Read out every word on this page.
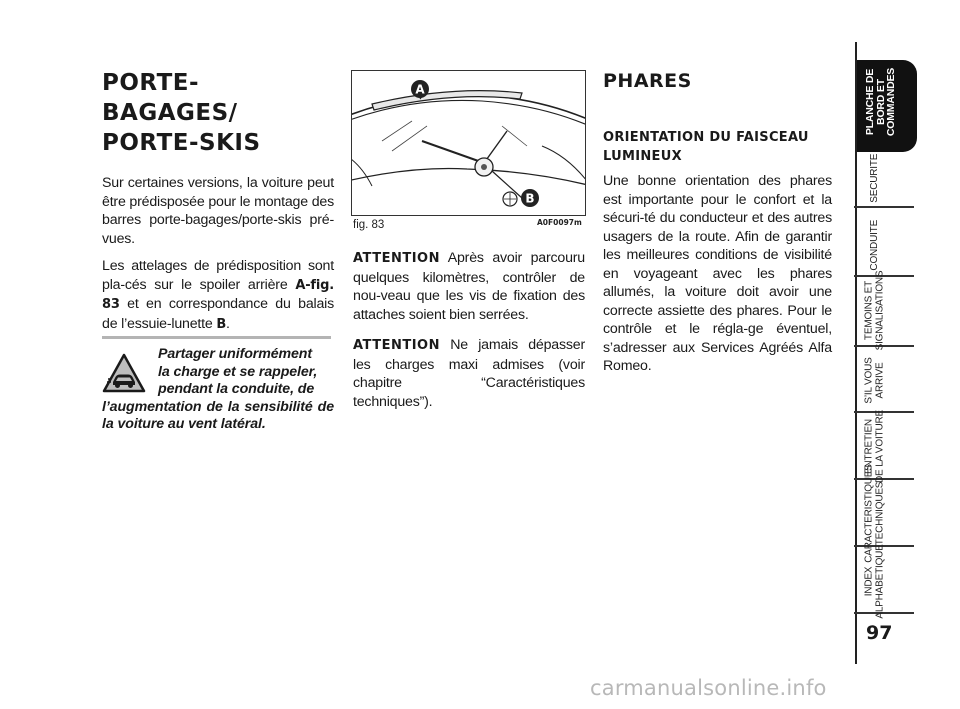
PORTE-BAGAGES/
PORTE-SKIS

Sur certaines versions, la voiture peut être prédisposée pour le montage des barres porte-bagages/porte-skis pré-vues.

Les attelages de prédisposition sont pla-cés sur le spoiler arrière A-fig. 83 et en correspondance du balais de l’essuie-lunette B.

Partager uniformément
la charge et se rappeler,
pendant la conduite, de
l’augmentation de la sensibilité de la voiture au vent latéral.
A
B
fig. 83	A0F0097m

ATTENTION Après avoir parcouru quelques kilomètres, contrôler de nou-veau que les vis de fixation des attaches soient bien serrées.

ATTENTION Ne jamais dépasser les charges maxi admises (voir chapitre “Caractéristiques techniques”).

PHARES
ORIENTATION DU FAISCEAU
LUMINEUX

Une bonne orientation des phares est importante pour le confort et la sécuri-té du conducteur et des autres usagers de la route. Afin de garantir les meilleures conditions de visibilité en voyageant avec les phares allumés, la voiture doit avoir une correcte assiette des phares. Pour le contrôle et le régla-ge éventuel, s’adresser aux Services Agréés Alfa Romeo.

PLANCHE DE
BORD ET
COMMANDES
SECURITE
CONDUITE
TEMOINS ET
SIGNALISATIONS
S’IL VOUS
ARRIVE
ENTRETIEN
DE LA VOITURE
CARACTERISTIQUES
TECHNIQUES
INDEX
ALPHABETIQUE
97
carmanualsonline.info
